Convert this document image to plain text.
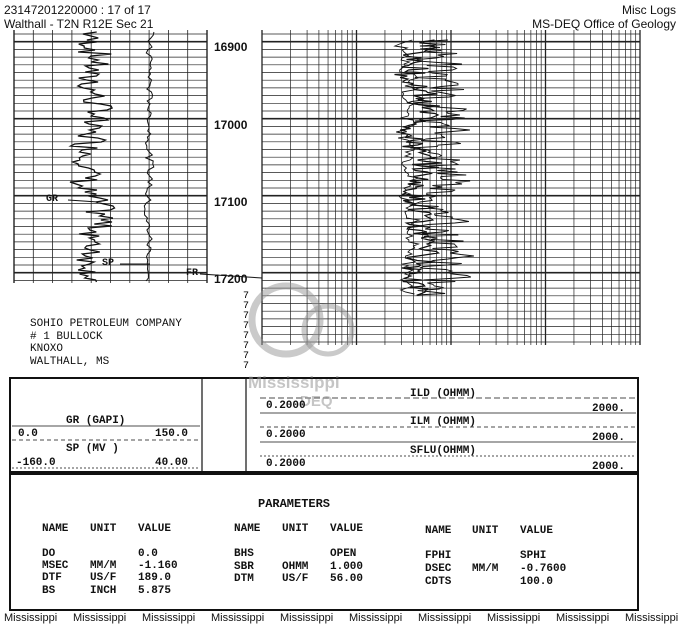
23147201220000 : 17 of 17
Walthall - T2N R12E Sec 21
Misc Logs
MS-DEQ Office of Geology
7
7
7
7
7
7
7
7
16900
17000
17100
17200
GR
SP
FR
SOHIO PETROLEUM COMPANY
# 1 BULLOCK
KNOXO
WALTHALL, MS
Mississippi
DEQ
GR (GAPI)
0.0	150.0
SP (MV )
-160.0	40.00
ILD (OHMM)
0.2000	2000.
ILM (OHMM)
0.2000	2000.
SFLU(OHMM)
0.2000	2000.
PARAMETERS
NAME UNIT VALUE	NAME UNIT VALUE	NAME UNIT VALUE
DO	0.0
MSEC MM/M -1.160
DTF	US/F 189.0
BS	INCH 5.875
BHS	OPEN
SBR	OHMM 1.000
DTM	US/F 56.00
FPHI	SPHI
DSEC MM/M -0.7600
CDTS	100.0
Mississippi Mississippi Mississippi Mississippi Mississippi Mississippi Mississippi Mississippi Mississippi Mississippi
